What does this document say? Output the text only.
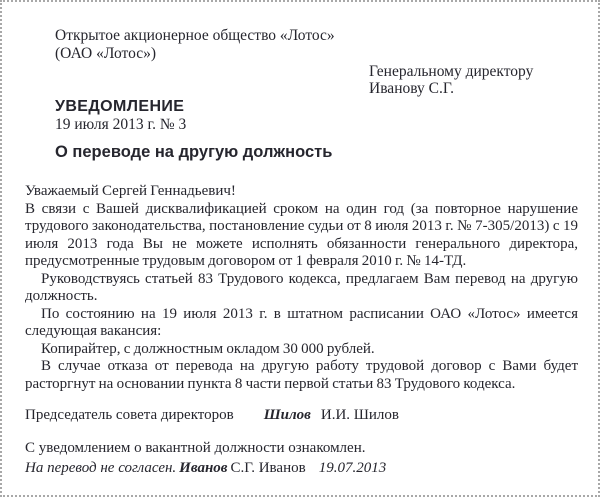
Открытое акционерное общество «Лотос»
(ОАО «Лотос»)
Генеральному директору
Иванову С.Г.
УВЕДОМЛЕНИЕ
19 июля 2013 г. № 3
О переводе на другую должность

Уважаемый Сергей Геннадьевич!

В связи с Вашей дисквалификацией сроком на один год (за повторное нарушение трудового законодательства, постановление судьи от 8 июля 2013 г. № 7-305/2013) с 19 июля 2013 года Вы не можете исполнять обязанности генерального директора, предусмотренные трудовым договором от 1 февраля 2010 г. № 14-ТД.

Руководствуясь статьей 83 Трудового кодекса, предлагаем Вам перевод на другую должность.

По состоянию на 19 июля 2013 г. в штатном расписании ОАО «Лотос» имеется следующая вакансия:

Копирайтер, с должностным окладом 30 000 рублей.

В случае отказа от перевода на другую работу трудовой договор с Вами будет расторгнут на основании пункта 8 части первой статьи 83 Трудового кодекса.

Председатель совета директоров Шилов И.И. Шилов
С уведомлением о вакантной должности ознакомлен.
На перевод не согласен. Иванов С.Г. Иванов 19.07.2013
